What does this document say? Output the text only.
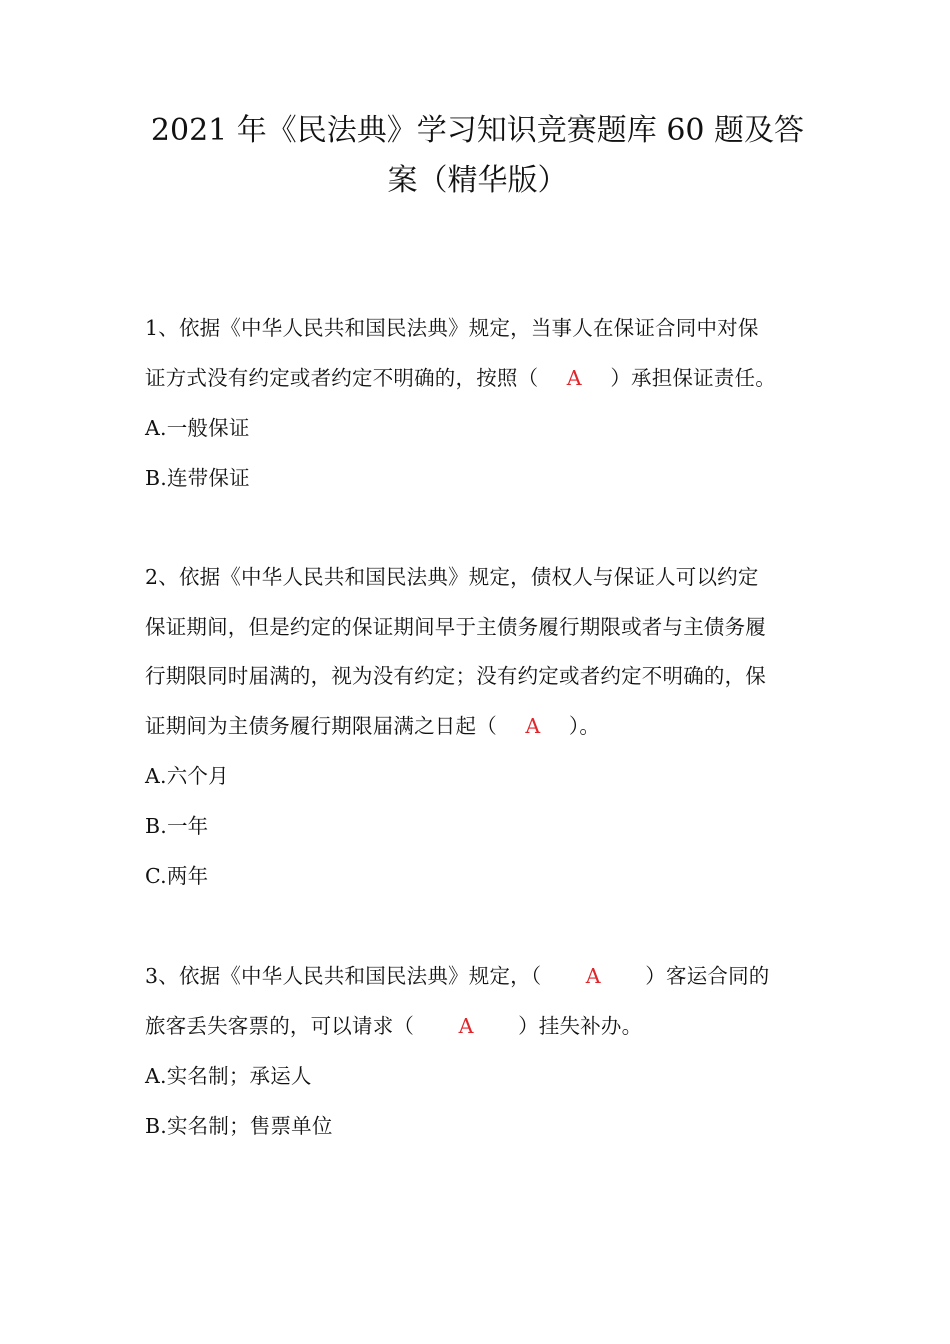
2021 年《民法典》学习知识竞赛题库 60 题及答
案（精华版）
1、依据《中华人民共和国民法典》规定，当事人在保证合同中对保
证方式没有约定或者约定不明确的，按照（ A ）承担保证责任。
A.一般保证
B.连带保证
2、依据《中华人民共和国民法典》规定，债权人与保证人可以约定
保证期间，但是约定的保证期间早于主债务履行期限或者与主债务履
行期限同时届满的，视为没有约定；没有约定或者约定不明确的，保
证期间为主债务履行期限届满之日起（ A ）。
A.六个月
B.一年
C.两年
3、依据《中华人民共和国民法典》规定，（ A ）客运合同的
旅客丢失客票的，可以请求（ A ）挂失补办。
A.实名制；承运人
B.实名制；售票单位
